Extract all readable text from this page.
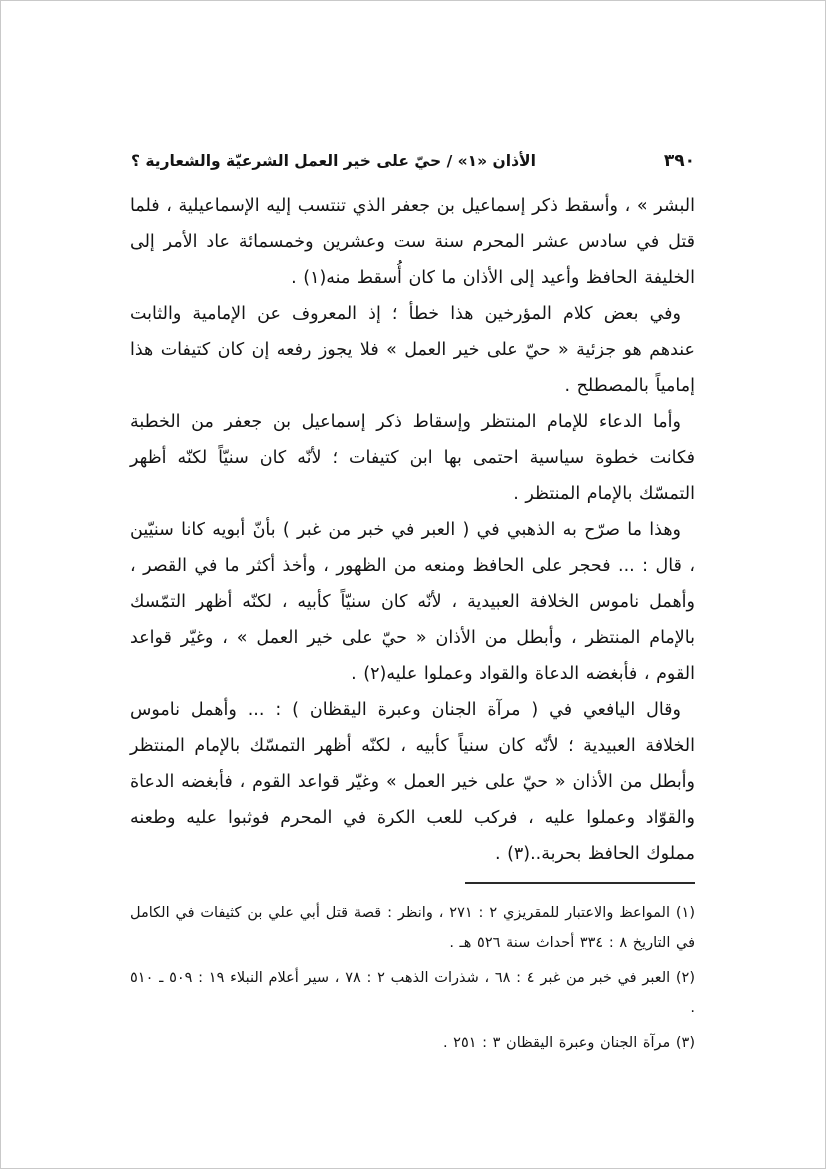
٣٩٠
الأذان «١» / حيّ على خير العمل الشرعيّة والشعارية ؟

البشر » ، وأسقط ذكر إسماعيل بن جعفر الذي تنتسب إليه الإسماعيلية ، فلما قتل في سادس عشر المحرم سنة ست وعشرين وخمسمائة عاد الأمر إلى الخليفة الحافظ وأعيد إلى الأذان ما كان أُسقط منه(١) .

وفي بعض كلام المؤرخين هذا خطأ ؛ إذ المعروف عن الإمامية والثابت عندهم هو جزئية « حيّ على خير العمل » فلا يجوز رفعه إن كان كتيفات هذا إمامياً بالمصطلح .

وأما الدعاء للإمام المنتظر وإسقاط ذكر إسماعيل بن جعفر من الخطبة فكانت خطوة سياسية احتمى بها ابن كتيفات ؛ لأنّه كان سنيّاً لكنّه أظهر التمسّك بالإمام المنتظر .

وهذا ما صرّح به الذهبي في ( العبر في خبر من غبر ) بأنّ أبويه كانا سنيّين ، قال : ... فحجر على الحافظ ومنعه من الظهور ، وأخذ أكثر ما في القصر ، وأهمل ناموس الخلافة العبيدية ، لأنّه كان سنيّاً كأبيه ، لكنّه أظهر التمّسك بالإمام المنتظر ، وأبطل من الأذان « حيّ على خير العمل » ، وغيّر قواعد القوم ، فأبغضه الدعاة والقواد وعملوا عليه(٢) .

وقال اليافعي في ( مرآة الجنان وعبرة اليقظان ) : ... وأهمل ناموس الخلافة العبيدية ؛ لأنّه كان سنياً كأبيه ، لكنّه أظهر التمسّك بالإمام المنتظر وأبطل من الأذان « حيّ على خير العمل » وغيّر قواعد القوم ، فأبغضه الدعاة والقوّاد وعملوا عليه ، فركب للعب الكرة في المحرم فوثبوا عليه وطعنه مملوك الحافظ بحربة..(٣) .

(١) المواعظ والاعتبار للمقريزي ٢ : ٢٧١ ، وانظر : قصة قتل أبي علي بن كثيفات في الكامل في التاريخ ٨ : ٣٣٤ أحداث سنة ٥٢٦ هـ .

(٢) العبر في خبر من غبر ٤ : ٦٨ ، شذرات الذهب ٢ : ٧٨ ، سير أعلام النبلاء ١٩ : ٥٠٩ ـ ٥١٠ .

(٣) مرآة الجنان وعبرة اليقظان ٣ : ٢٥١ .
